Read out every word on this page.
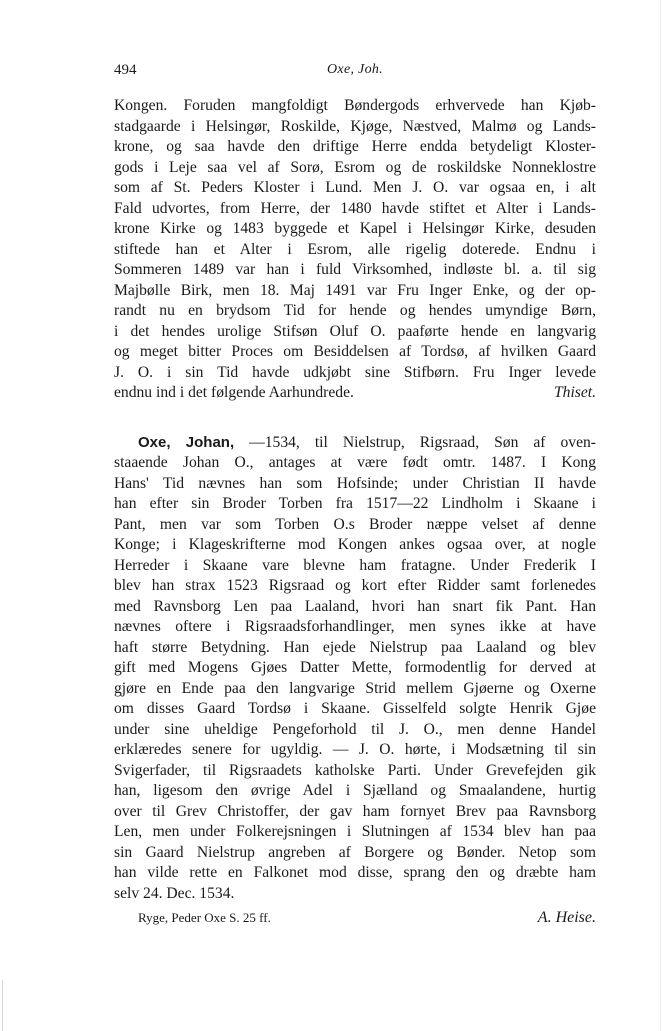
494	Oxe, Joh.
Kongen. Foruden mangfoldigt Bøndergods erhvervede han Kjøb-
stadgaarde i Helsingør, Roskilde, Kjøge, Næstved, Malmø og Lands-
krone, og saa havde den driftige Herre endda betydeligt Kloster-
gods i Leje saa vel af Sorø, Esrom og de roskildske Nonneklostre
som af St. Peders Kloster i Lund. Men J. O. var ogsaa en, i alt
Fald udvortes, from Herre, der 1480 havde stiftet et Alter i Lands-
krone Kirke og 1483 byggede et Kapel i Helsingør Kirke, desuden
stiftede han et Alter i Esrom, alle rigelig doterede. Endnu i
Sommeren 1489 var han i fuld Virksomhed, indløste bl. a. til sig
Majbølle Birk, men 18. Maj 1491 var Fru Inger Enke, og der op-
randt nu en brydsom Tid for hende og hendes umyndige Børn,
i det hendes urolige Stifsøn Oluf O. paaførte hende en langvarig
og meget bitter Proces om Besiddelsen af Tordsø, af hvilken Gaard
J. O. i sin Tid havde udkjøbt sine Stifbørn. Fru Inger levede
endnu ind i det følgende Aarhundrede.	Thiset.
Oxe, Johan, —1534, til Nielstrup, Rigsraad, Søn af oven-
staaende Johan O., antages at være født omtr. 1487. I Kong
Hans' Tid nævnes han som Hofsinde; under Christian II havde
han efter sin Broder Torben fra 1517—22 Lindholm i Skaane i
Pant, men var som Torben O.s Broder næppe velset af denne
Konge; i Klageskrifterne mod Kongen ankes ogsaa over, at nogle
Herreder i Skaane vare blevne ham fratagne. Under Frederik I
blev han strax 1523 Rigsraad og kort efter Ridder samt forlenedes
med Ravnsborg Len paa Laaland, hvori han snart fik Pant. Han
nævnes oftere i Rigsraadsforhandlinger, men synes ikke at have
haft større Betydning. Han ejede Nielstrup paa Laaland og blev
gift med Mogens Gjøes Datter Mette, formodentlig for derved at
gjøre en Ende paa den langvarige Strid mellem Gjøerne og Oxerne
om disses Gaard Tordsø i Skaane. Gisselfeld solgte Henrik Gjøe
under sine uheldige Pengeforhold til J. O., men denne Handel
erklæredes senere for ugyldig. — J. O. hørte, i Modsætning til sin
Svigerfader, til Rigsraadets katholske Parti. Under Grevefejden gik
han, ligesom den øvrige Adel i Sjælland og Smaalandene, hurtig
over til Grev Christoffer, der gav ham fornyet Brev paa Ravnsborg
Len, men under Folkerejsningen i Slutningen af 1534 blev han paa
sin Gaard Nielstrup angreben af Borgere og Bønder. Netop som
han vilde rette en Falkonet mod disse, sprang den og dræbte ham
selv 24. Dec. 1534.
Ryge, Peder Oxe S. 25 ff.	A. Heise.
